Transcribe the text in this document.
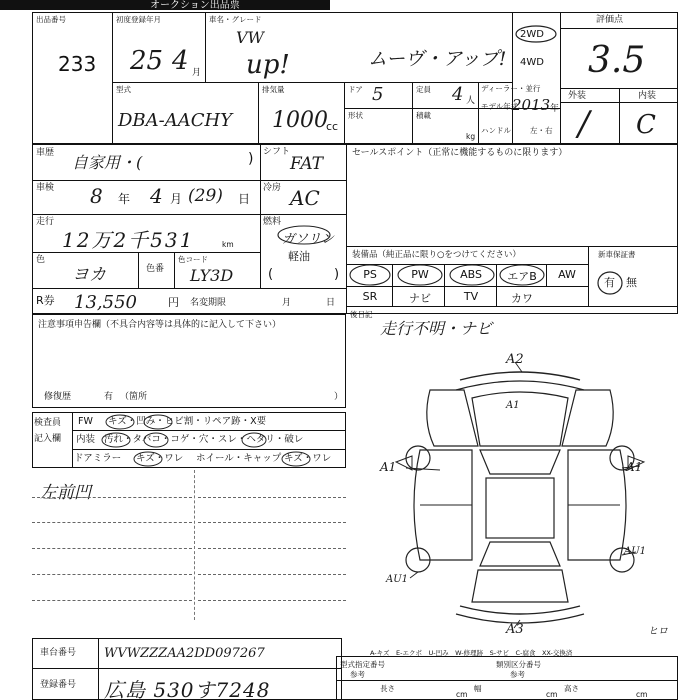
オークション出品票
出品番号
233
初度登録年月
25 4 月
車名・グレード
VW
up!	ムーヴ・アップ!
2WD
4WD
評価点
3.5
外装	内装
/ C
型式
DBA-AACHY
排気量
1000
cc
ドア 5	定員 4 人
ディーラー・並行
モデル年式
2013 年
形状	積載
kg
ハンドル	左・右
車歴 自家用・(	) シフト
FAT
セールスポイント（正常に機能するものに限ります）
車検 8 年 4 月 (29) 日
冷房 AC
走行
12万2千531	km
燃料
ガソリン
軽油
色
ヨカ	色番
色コード
LY3D	(	)
装備品（純正品に限り○をつけてください）	新車保証書
有 無
PS	PW	ABS	エアB	AW
SR	ナビ	TV	カワ
R券 13,550	円 名変期限	月	日
後日記
走行不明・ナビ
注意事項申告欄（不具合内容等は具体的に記入して下さい）
修復歴	有 （箇所	）
検査員
記入欄
FW キズ・凹み・ヒビ割・リペア跡・X要
内装 汚れ・タバコ・コゲ・穴・スレ・ヘタリ・破レ
ドアミラー キズ・ワレ ホイール・キャップ キズ・ワレ
左前凹
A2
A1
A1	A1
AU1
AU1
A3	ヒロ
A-キズ　E-エクボ　U-凹み　W-修理跡　S-サビ　C-腐食　XX-交換済
車台番号 WVWZZZAA2DD097267
登録番号 広島 530す7248
型式指定番号
参考
類別区分番号
参考
長さ
cm
幅
cm
高さ
cm
